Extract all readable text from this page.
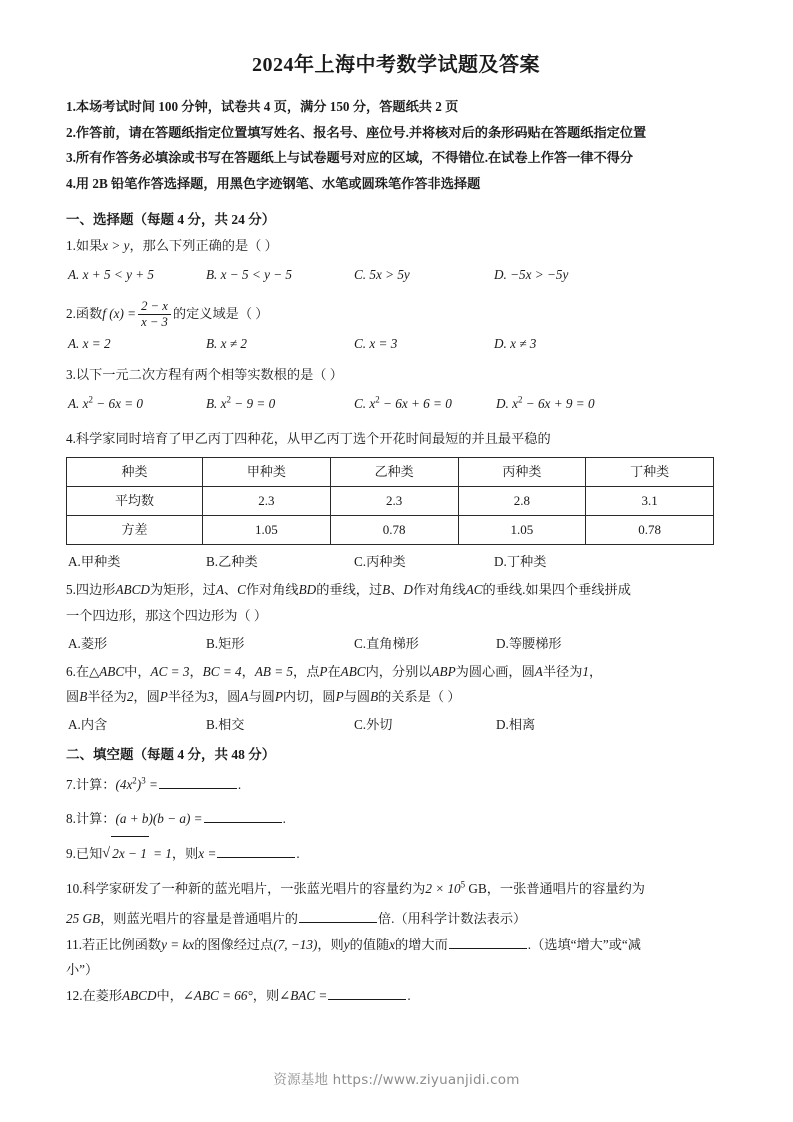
2024年上海中考数学试题及答案
1.本场考试时间 100 分钟，试卷共 4 页，满分 150 分，答题纸共 2 页
2.作答前，请在答题纸指定位置填写姓名、报名号、座位号.并将核对后的条形码贴在答题纸指定位置
3.所有作答务必填涂或书写在答题纸上与试卷题号对应的区域，不得错位.在试卷上作答一律不得分
4.用 2B 铅笔作答选择题，用黑色字迹钢笔、水笔或圆珠笔作答非选择题
一、选择题（每题 4 分，共 24 分）
1.如果x > y，那么下列正确的是（ ）
A. x + 5 < y + 5	B. x − 5 < y − 5	C. 5x > 5y	D. −5x > −5y
2.函数f $(x) = \frac{2 - x}{x - 3}$ 的定义域是（ ）
A. x = 2	B. x ≠ 2	C. x = 3	D. x ≠ 3
3.以下一元二次方程有两个相等实数根的是（ ）
A. $x^2 - 6x = 0$	B. $x^2 - 9 = 0$	C. $x^2 - 6x + 6 = 0$	D. $x^2 - 6x + 9 = 0$
4.科学家同时培育了甲乙丙丁四种花，从甲乙丙丁选个开花时间最短的并且最平稳的
种类	甲种类	乙种类	丙种类	丁种类
平均数	2.3	2.3	2.8	3.1
方差	1.05	0.78	1.05	0.78
A.甲种类	B.乙种类	C.丙种类	D.丁种类
5.四边形ABCD为矩形，过A、C作对角线BD的垂线，过B、D作对角线AC的垂线.如果四个垂线拼成
一个四边形，那这个四边形为（ ）
A.菱形	B.矩形	C.直角梯形	D.等腰梯形
6.在△ABC中，AC = 3，BC = 4，AB = 5，点P在ABC内，分别以ABP为圆心画，圆A半径为1，
圆B半径为2，圆P半径为3，圆A与圆P内切，圆P与圆B的关系是（ ）
A.内含	B.相交	C.外切	D.相离
二、填空题（每题 4 分，共 48 分）
7.计算：$(4x^2)^3$ =	.
8.计算：(a + b)(b − a) =	.
9.已知 √ 2x − 1 = 1，则x =	.
10.科学家研发了一种新的蓝光唱片，一张蓝光唱片的容量约为$2 \times 10^5$ GB，一张普通唱片的容量约为
25 GB，则蓝光唱片的容量是普通唱片的	倍.（用科学计数法表示）
11.若正比例函数y = kx的图像经过点(7, −13)，则y的值随x的增大而	.（选填“增大”或“减
小”）
12.在菱形ABCD中，∠ABC = 66°，则∠BAC =	.
资源基地 https://www.ziyuanjidi.com
